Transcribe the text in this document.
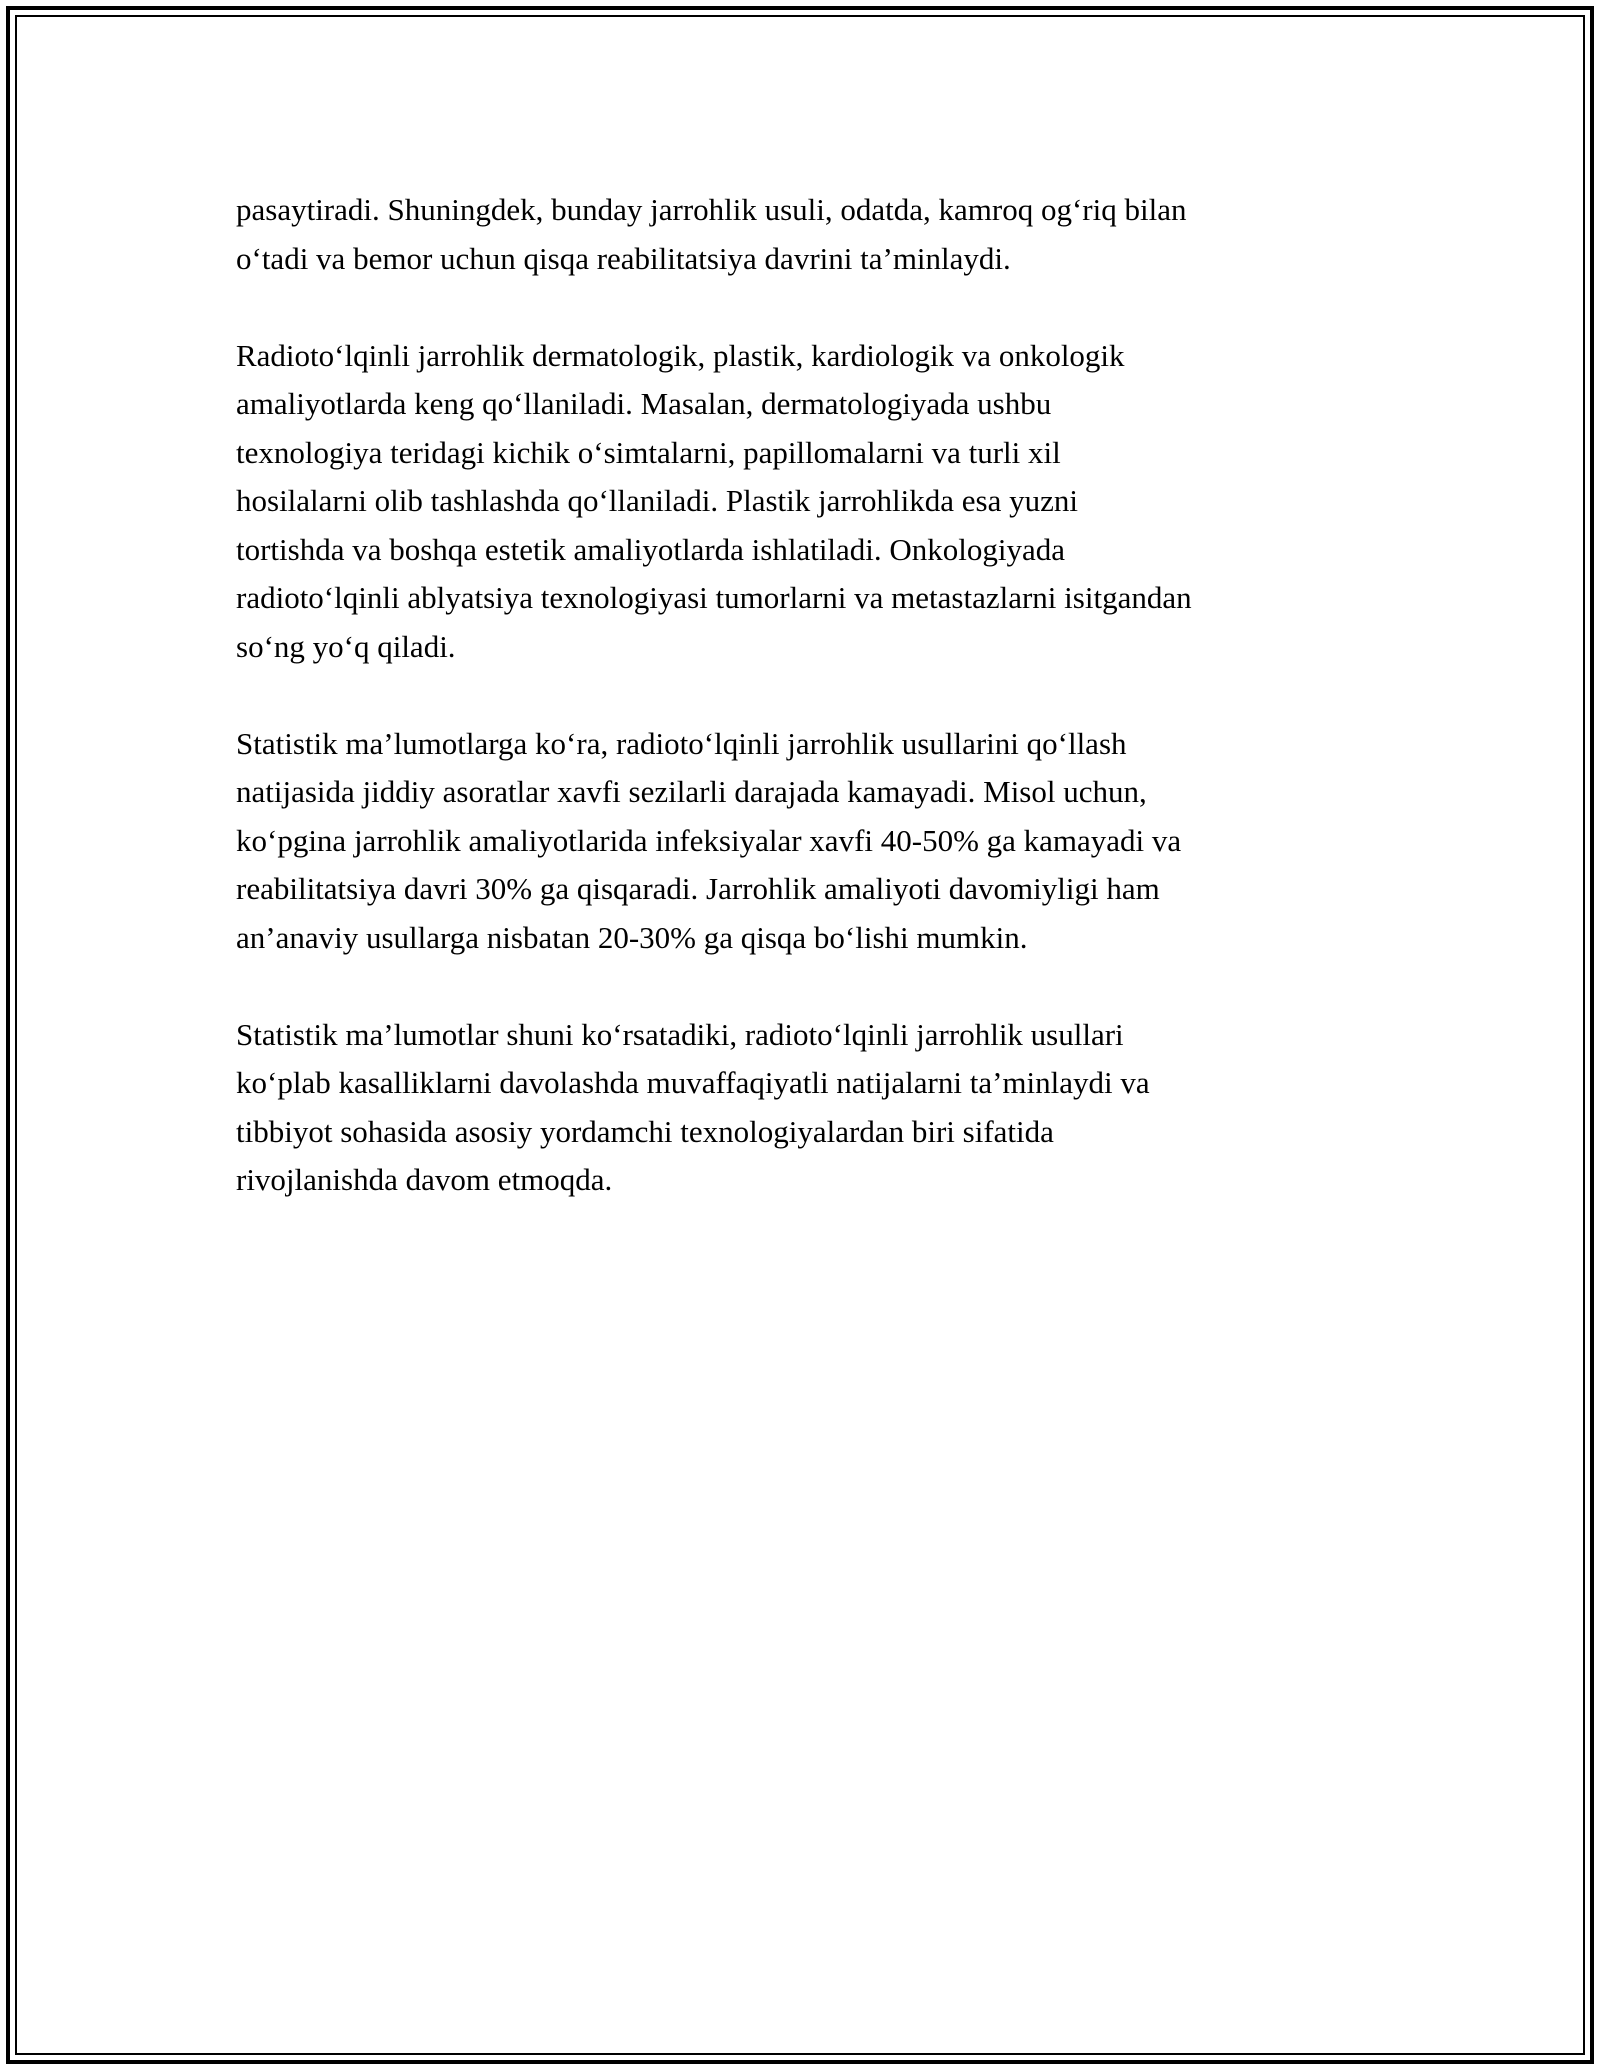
pasaytiradi. Shuningdek, bunday jarrohlik usuli, odatda, kamroq og‘riq bilan
o‘tadi va bemor uchun qisqa reabilitatsiya davrini ta’minlaydi.

Radioto‘lqinli jarrohlik dermatologik, plastik, kardiologik va onkologik
amaliyotlarda keng qo‘llaniladi. Masalan, dermatologiyada ushbu
texnologiya teridagi kichik o‘simtalarni, papillomalarni va turli xil
hosilalarni olib tashlashda qo‘llaniladi. Plastik jarrohlikda esa yuzni
tortishda va boshqa estetik amaliyotlarda ishlatiladi. Onkologiyada
radioto‘lqinli ablyatsiya texnologiyasi tumorlarni va metastazlarni isitgandan
so‘ng yo‘q qiladi.

Statistik ma’lumotlarga ko‘ra, radioto‘lqinli jarrohlik usullarini qo‘llash
natijasida jiddiy asoratlar xavfi sezilarli darajada kamayadi. Misol uchun,
ko‘pgina jarrohlik amaliyotlarida infeksiyalar xavfi 40-50% ga kamayadi va
reabilitatsiya davri 30% ga qisqaradi. Jarrohlik amaliyoti davomiyligi ham
an’anaviy usullarga nisbatan 20-30% ga qisqa bo‘lishi mumkin.

Statistik ma’lumotlar shuni ko‘rsatadiki, radioto‘lqinli jarrohlik usullari
ko‘plab kasalliklarni davolashda muvaffaqiyatli natijalarni ta’minlaydi va
tibbiyot sohasida asosiy yordamchi texnologiyalardan biri sifatida
rivojlanishda davom etmoqda.
